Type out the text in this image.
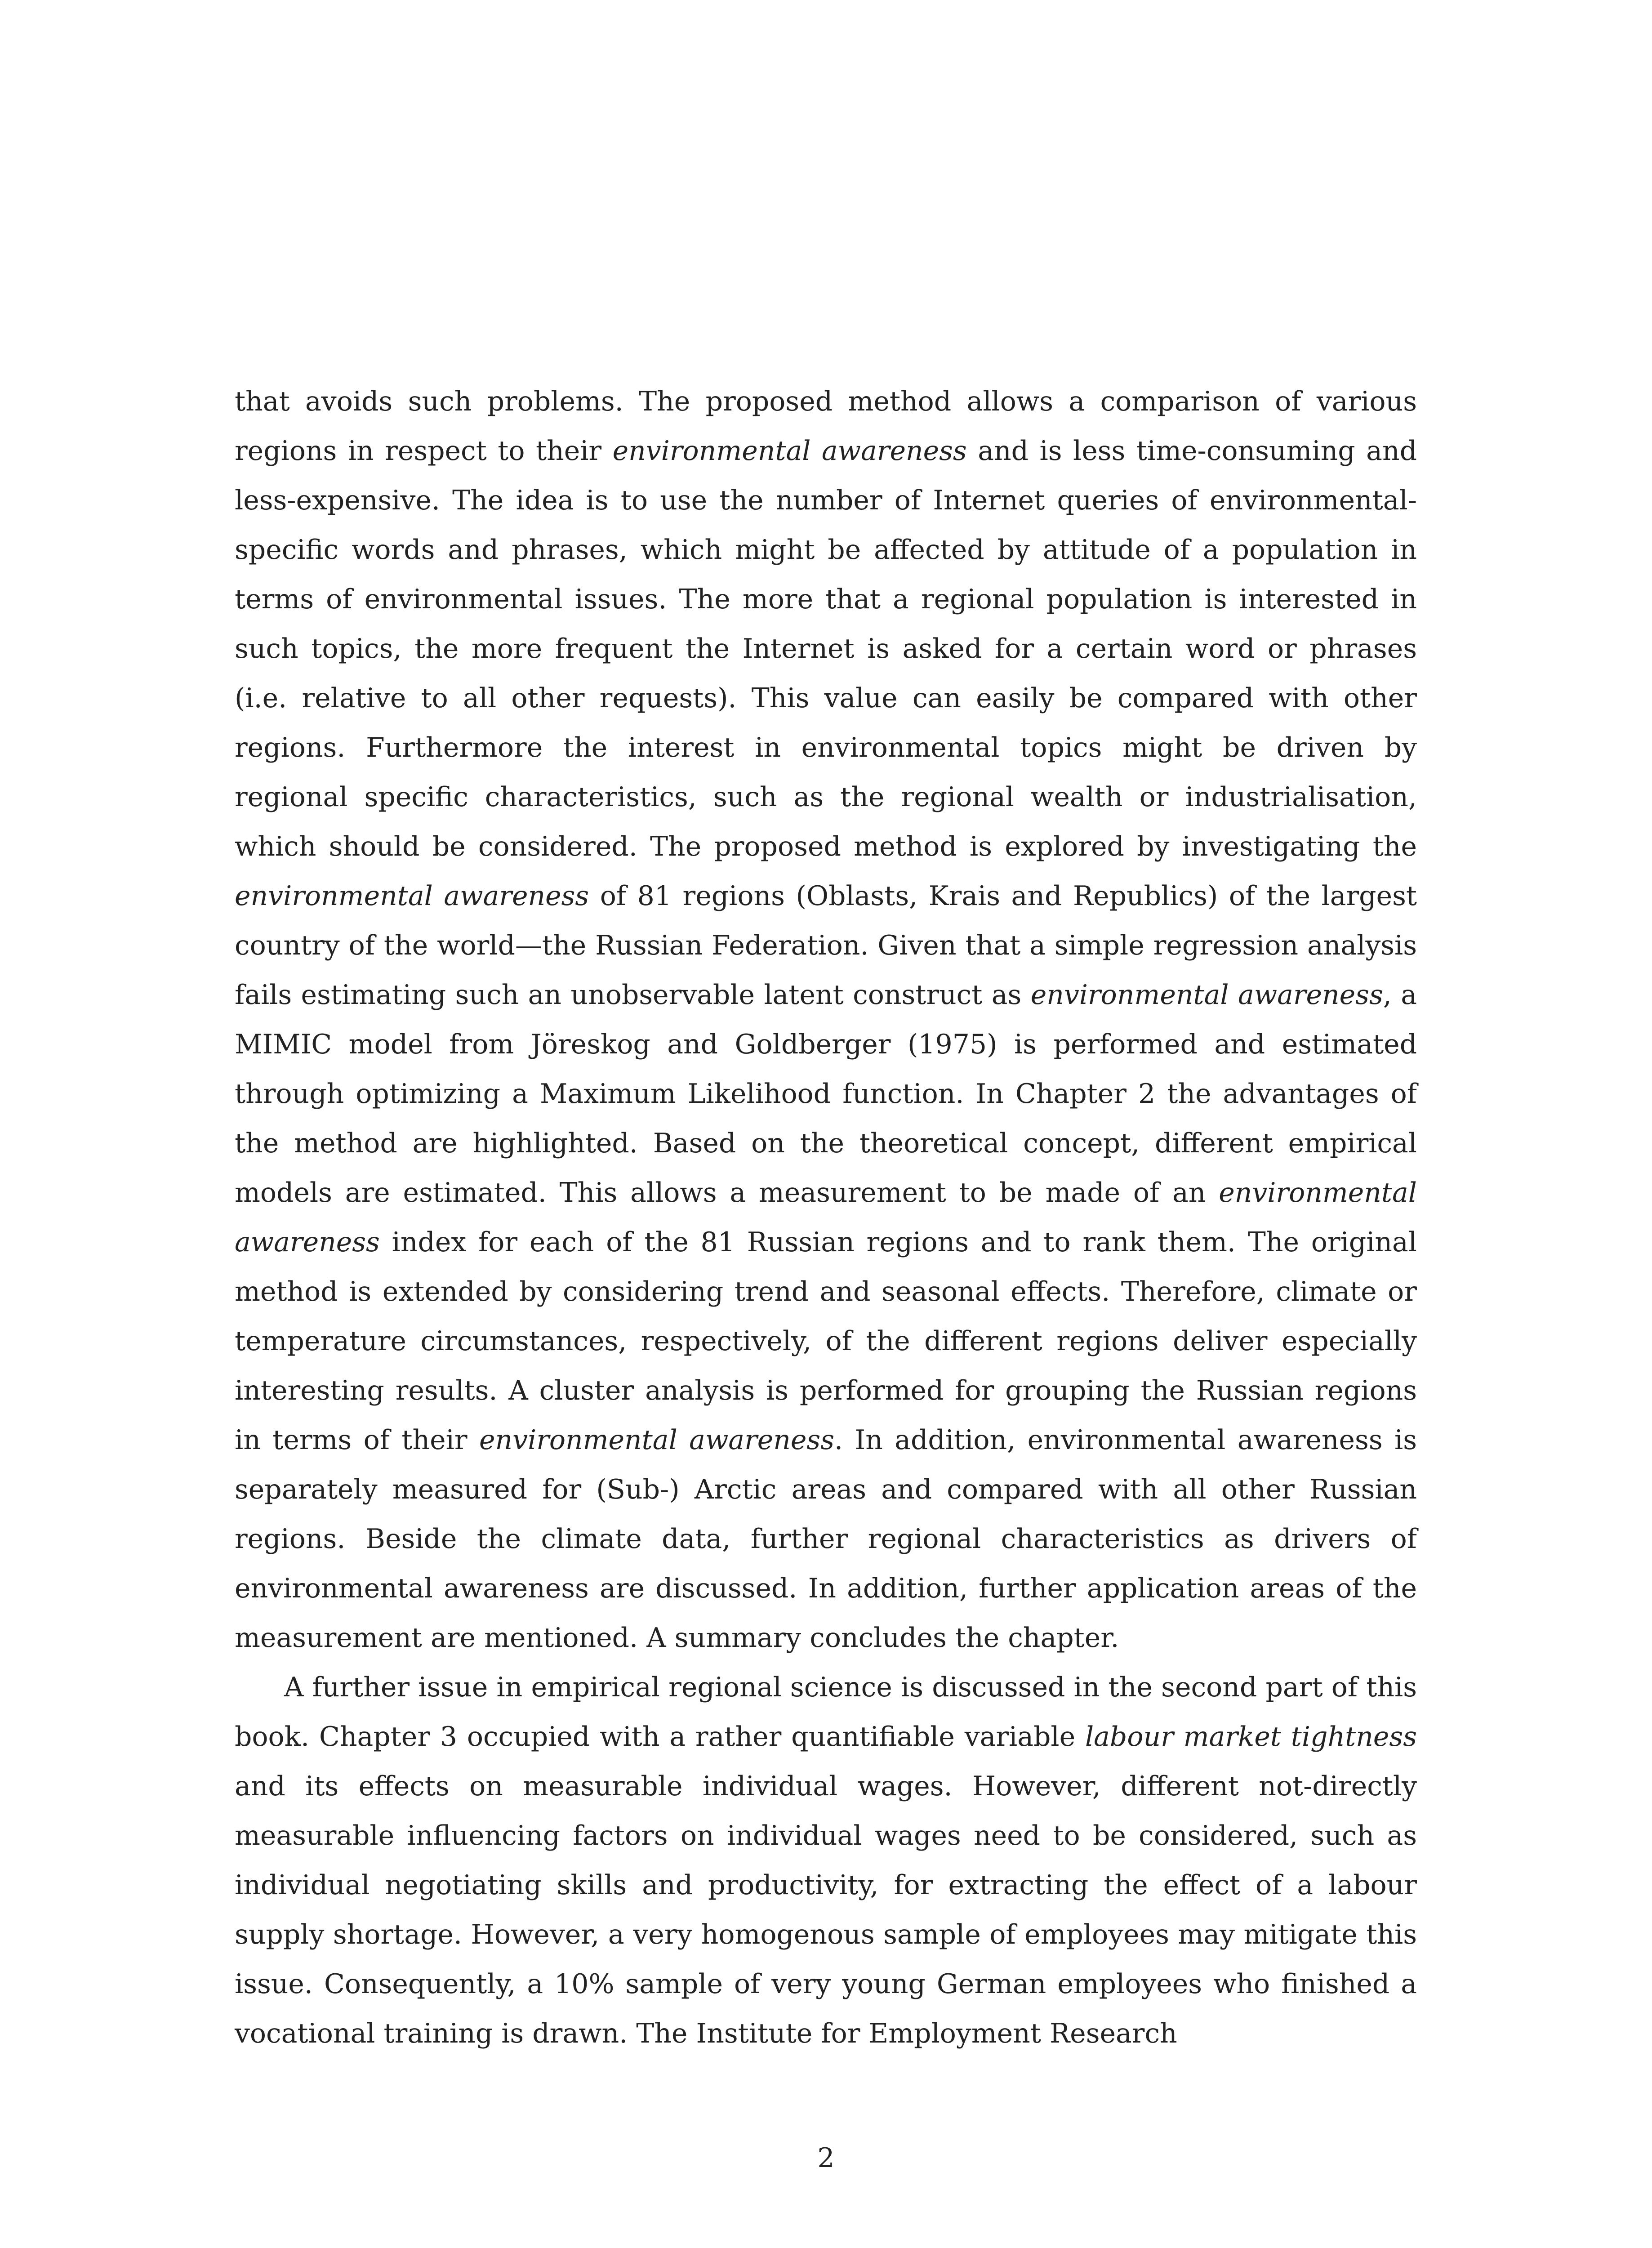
that avoids such problems. The proposed method allows a comparison of various regions in respect to their environmental awareness and is less time-consuming and less-expensive. The idea is to use the number of Internet queries of environmental-specific words and phrases, which might be affected by attitude of a population in terms of environmental issues. The more that a regional population is interested in such topics, the more frequent the Internet is asked for a certain word or phrases (i.e. relative to all other requests). This value can easily be compared with other regions. Furthermore the interest in environmental topics might be driven by regional specific characteristics, such as the regional wealth or industrialisation, which should be considered. The proposed method is explored by investigating the environmental awareness of 81 regions (Oblasts, Krais and Republics) of the largest country of the world—the Russian Federation. Given that a simple regression analysis fails estimating such an unobservable latent construct as environmental awareness, a MIMIC model from Jöreskog and Goldberger (1975) is performed and estimated through optimizing a Maximum Likelihood function. In Chapter 2 the advantages of the method are highlighted. Based on the theoretical concept, different empirical models are estimated. This allows a measurement to be made of an environmental awareness index for each of the 81 Russian regions and to rank them. The original method is extended by considering trend and seasonal effects. Therefore, climate or temperature circumstances, respectively, of the different regions deliver especially interesting results. A cluster analysis is performed for grouping the Russian regions in terms of their environmental awareness. In addition, environmental awareness is separately measured for (Sub-) Arctic areas and compared with all other Russian regions. Beside the climate data, further regional characteristics as drivers of environmental awareness are discussed. In addition, further application areas of the measurement are mentioned. A summary concludes the chapter.

A further issue in empirical regional science is discussed in the second part of this book. Chapter 3 occupied with a rather quantifiable variable labour market tightness and its effects on measurable individual wages. However, different not-directly measurable influencing factors on individual wages need to be considered, such as individual negotiating skills and productivity, for extracting the effect of a labour supply shortage. However, a very homogenous sample of employees may mitigate this issue. Consequently, a 10% sample of very young German employees who finished a vocational training is drawn. The Institute for Employment Research

2
